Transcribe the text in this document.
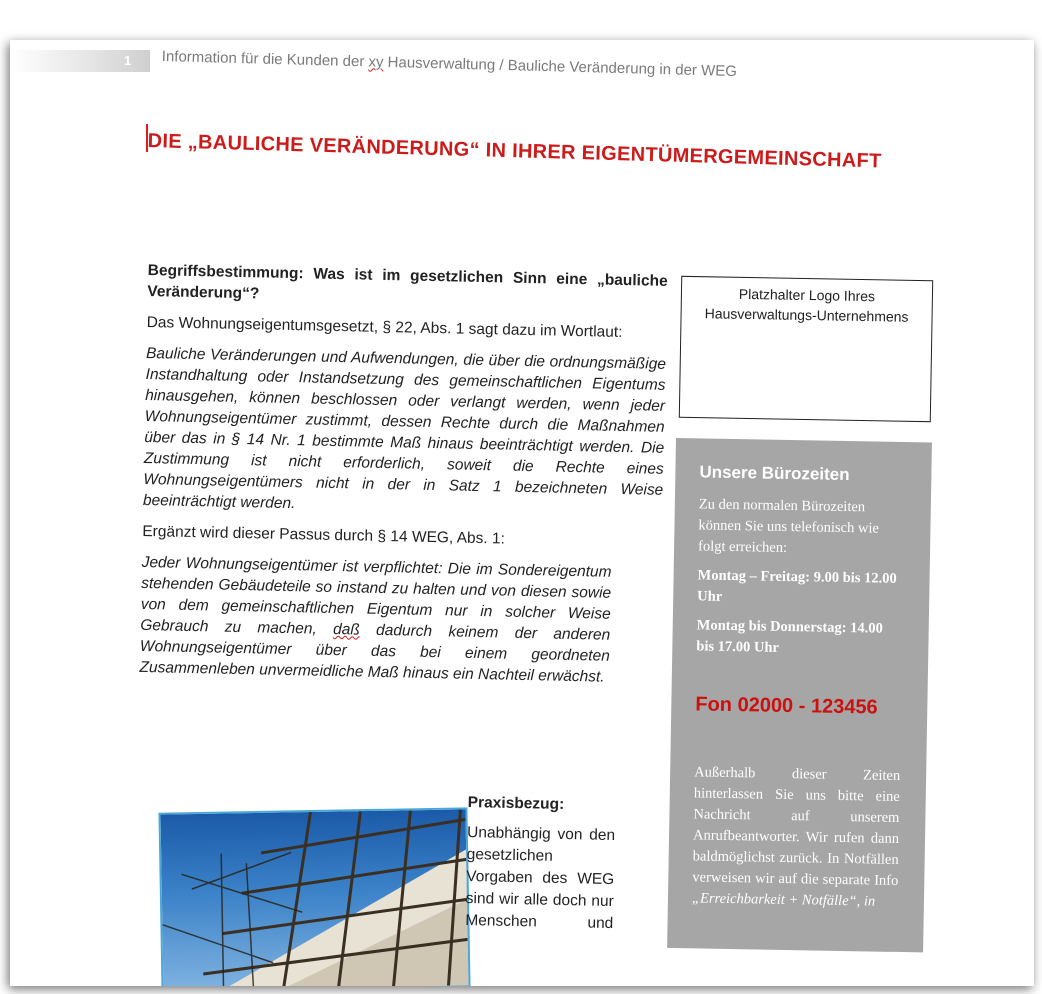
1 Information für die Kunden der xy Hausverwaltung / Bauliche Veränderung in der WEG
DIE „BAULICHE VERÄNDERUNG“ IN IHRER EIGENTÜMERGEMEINSCHAFT

Begriffsbestimmung: Was ist im gesetzlichen Sinn eine „bauliche Veränderung“?

Das Wohnungseigentumsgesetzt, § 22, Abs. 1 sagt dazu im Wortlaut:

Bauliche Veränderungen und Aufwendungen, die über die ordnungsmäßige Instandhaltung oder Instandsetzung des gemeinschaftlichen Eigentums hinausgehen, können beschlossen oder verlangt werden, wenn jeder Wohnungseigentümer zustimmt, dessen Rechte durch die Maßnahmen über das in § 14 Nr. 1 bestimmte Maß hinaus beeinträchtigt werden. Die Zustimmung ist nicht erforderlich, soweit die Rechte eines Wohnungseigentümers nicht in der in Satz 1 bezeichneten Weise beeinträchtigt werden.

Ergänzt wird dieser Passus durch § 14 WEG, Abs. 1:

Jeder Wohnungseigentümer ist verpflichtet: Die im Sondereigentum stehenden Gebäudeteile so instand zu halten und von diesen sowie von dem gemeinschaftlichen Eigentum nur in solcher Weise Gebrauch zu machen, daß dadurch keinem der anderen Wohnungseigentümer über das bei einem geordneten Zusammenleben unvermeidliche Maß hinaus ein Nachteil erwächst.

Praxisbezug:
Unabhängig von den gesetzlichen Vorgaben des WEG sind wir alle doch nur Menschen und
Platzhalter Logo Ihres Hausverwaltungs-Unternehmens
Unsere Bürozeiten
Zu den normalen Bürozeiten können Sie uns telefonisch wie folgt erreichen:
Montag – Freitag: 9.00 bis 12.00 Uhr
Montag bis Donnerstag: 14.00 bis 17.00 Uhr
Fon 02000 - 123456
Außerhalb dieser Zeiten hinterlassen Sie uns bitte eine Nachricht auf unserem Anrufbeantworter. Wir rufen dann baldmöglichst zurück. In Notfällen verweisen wir auf die separate Info „Erreichbarkeit + Notfälle“, in
